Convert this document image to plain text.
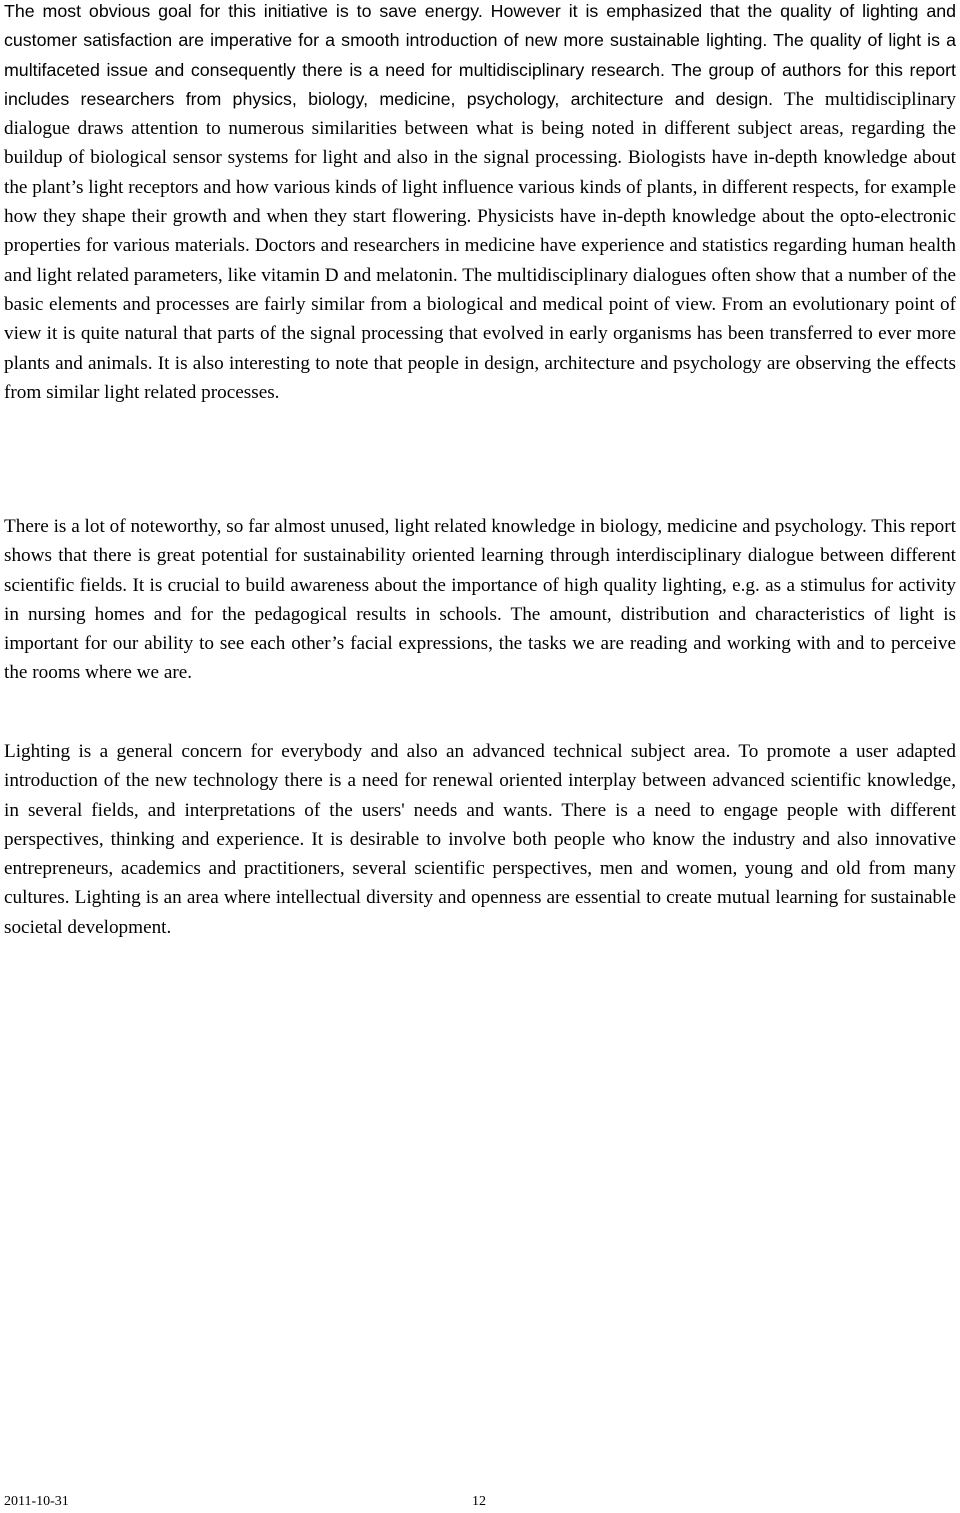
The most obvious goal for this initiative is to save energy. However it is emphasized that the quality of lighting and customer satisfaction are imperative for a smooth introduction of new more sustainable lighting. The quality of light is a multifaceted issue and consequently there is a need for multidisciplinary research. The group of authors for this report includes researchers from physics, biology, medicine, psychology, architecture and design. The multidisciplinary dialogue draws attention to numerous similarities between what is being noted in different subject areas, regarding the buildup of biological sensor systems for light and also in the signal processing. Biologists have in-depth knowledge about the plant’s light receptors and how various kinds of light influence various kinds of plants, in different respects, for example how they shape their growth and when they start flowering. Physicists have in-depth knowledge about the opto-electronic properties for various materials. Doctors and researchers in medicine have experience and statistics regarding human health and light related parameters, like vitamin D and melatonin. The multidisciplinary dialogues often show that a number of the basic elements and processes are fairly similar from a biological and medical point of view. From an evolutionary point of view it is quite natural that parts of the signal processing that evolved in early organisms has been transferred to ever more plants and animals. It is also interesting to note that people in design, architecture and psychology are observing the effects from similar light related processes.

There is a lot of noteworthy, so far almost unused, light related knowledge in biology, medicine and psychology. This report shows that there is great potential for sustainability oriented learning through interdisciplinary dialogue between different scientific fields. It is crucial to build awareness about the importance of high quality lighting, e.g. as a stimulus for activity in nursing homes and for the pedagogical results in schools. The amount, distribution and characteristics of light is important for our ability to see each other’s facial expressions, the tasks we are reading and working with and to perceive the rooms where we are.

Lighting is a general concern for everybody and also an advanced technical subject area. To promote a user adapted introduction of the new technology there is a need for renewal oriented interplay between advanced scientific knowledge, in several fields, and interpretations of the users' needs and wants. There is a need to engage people with different perspectives, thinking and experience. It is desirable to involve both people who know the industry and also innovative entrepreneurs, academics and practitioners, several scientific perspectives, men and women, young and old from many cultures. Lighting is an area where intellectual diversity and openness are essential to create mutual learning for sustainable societal development.

2011-10-31	12
